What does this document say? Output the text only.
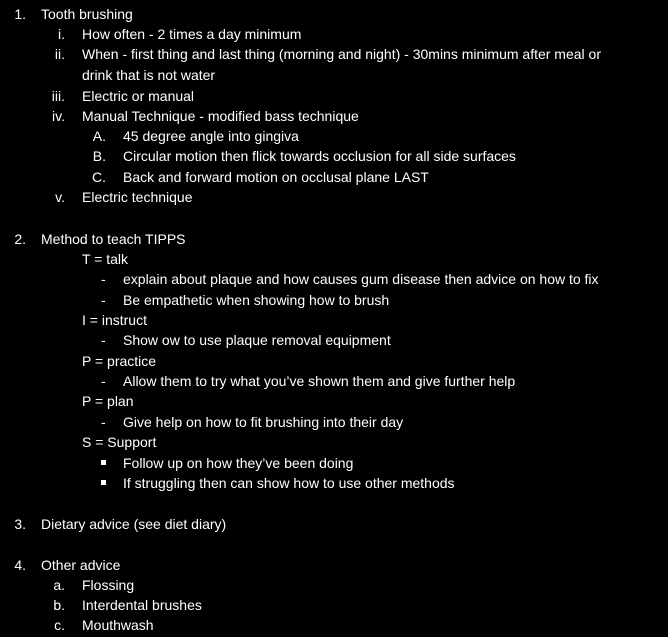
1. Tooth brushing
i. How often - 2 times a day minimum
ii. When - first thing and last thing (morning and night) - 30mins minimum after meal or
drink that is not water
iii. Electric or manual
iv. Manual Technique - modified bass technique
A. 45 degree angle into gingiva
B. Circular motion then flick towards occlusion for all side surfaces
C. Back and forward motion on occlusal plane LAST
v. Electric technique
2. Method to teach TIPPS
T = talk
- explain about plaque and how causes gum disease then advice on how to fix
- Be empathetic when showing how to brush
I = instruct
- Show ow to use plaque removal equipment
P = practice
- Allow them to try what you’ve shown them and give further help
P = plan
- Give help on how to fit brushing into their day
S = Support
Follow up on how they’ve been doing
If struggling then can show how to use other methods
3. Dietary advice (see diet diary)
4. Other advice
a. Flossing
b. Interdental brushes
c. Mouthwash
